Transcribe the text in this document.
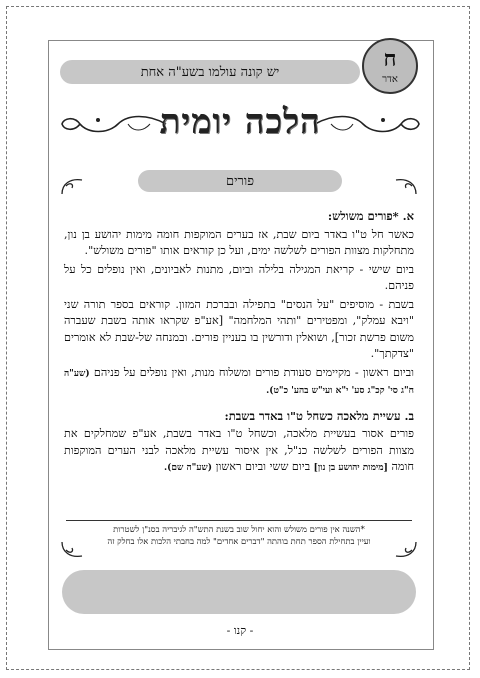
יש קונה עולמו בשע"ה אחת
ח
אדר
הלכה יומית
פורים
א. *פורים משולש:

כאשר חל ט"ו באדר ביום שבת, אז בערים המוקפות חומה מימות יהושע בן נון, מתחלקות מצוות הפורים לשלשה ימים, ועל כן קוראים אותו "פורים משולש".

ביום שישי - קריאת המגילה בלילה וביום, מתנות לאביונים, ואין נופלים כל על פניהם.

בשבת - מוסיפים "על הנסים" בתפילה ובברכת המזון. קוראים בספר תורה שני "ויבא עמלק", ומפטירים "ותהי המלחמה" [אע"פ שקראו אותה בשבת שעברה משום פרשת זכור], ושואלין ודורשין בו בעניין פורים. ובמנחה של-שבת לא אומרים "צדקתך".

וביום ראשון - מקיימים סעודת פורים ומשלוח מנות, ואין נופלים על פניהם (שע"ה ח"ג סי' קכ"ג סע' י"א ועי"ש בהע' כ"ט).

ב. עשיית מלאכה כשחל ט"ו באדר בשבת:

פורים אסור בעשיית מלאכה, וכשחל ט"ו באדר בשבת, אע"פ שמחלקים את מצוות הפורים לשלשה כנ"ל, אין איסור עשיית מלאכה לבני הערים המוקפות חומה [מימות יהושע בן נון] ביום ששי וביום ראשון (שע"ה שם).

*השנה אין פורים משולש והוא יחול שוב בשנת התש"ה לגיבריה בסנ"ן לשטרות
ועיין בתחילת הספר תחת בוהתה "דברים אחדים" למה בחבתי הלכות אלו בחלק זה
- קנו -
